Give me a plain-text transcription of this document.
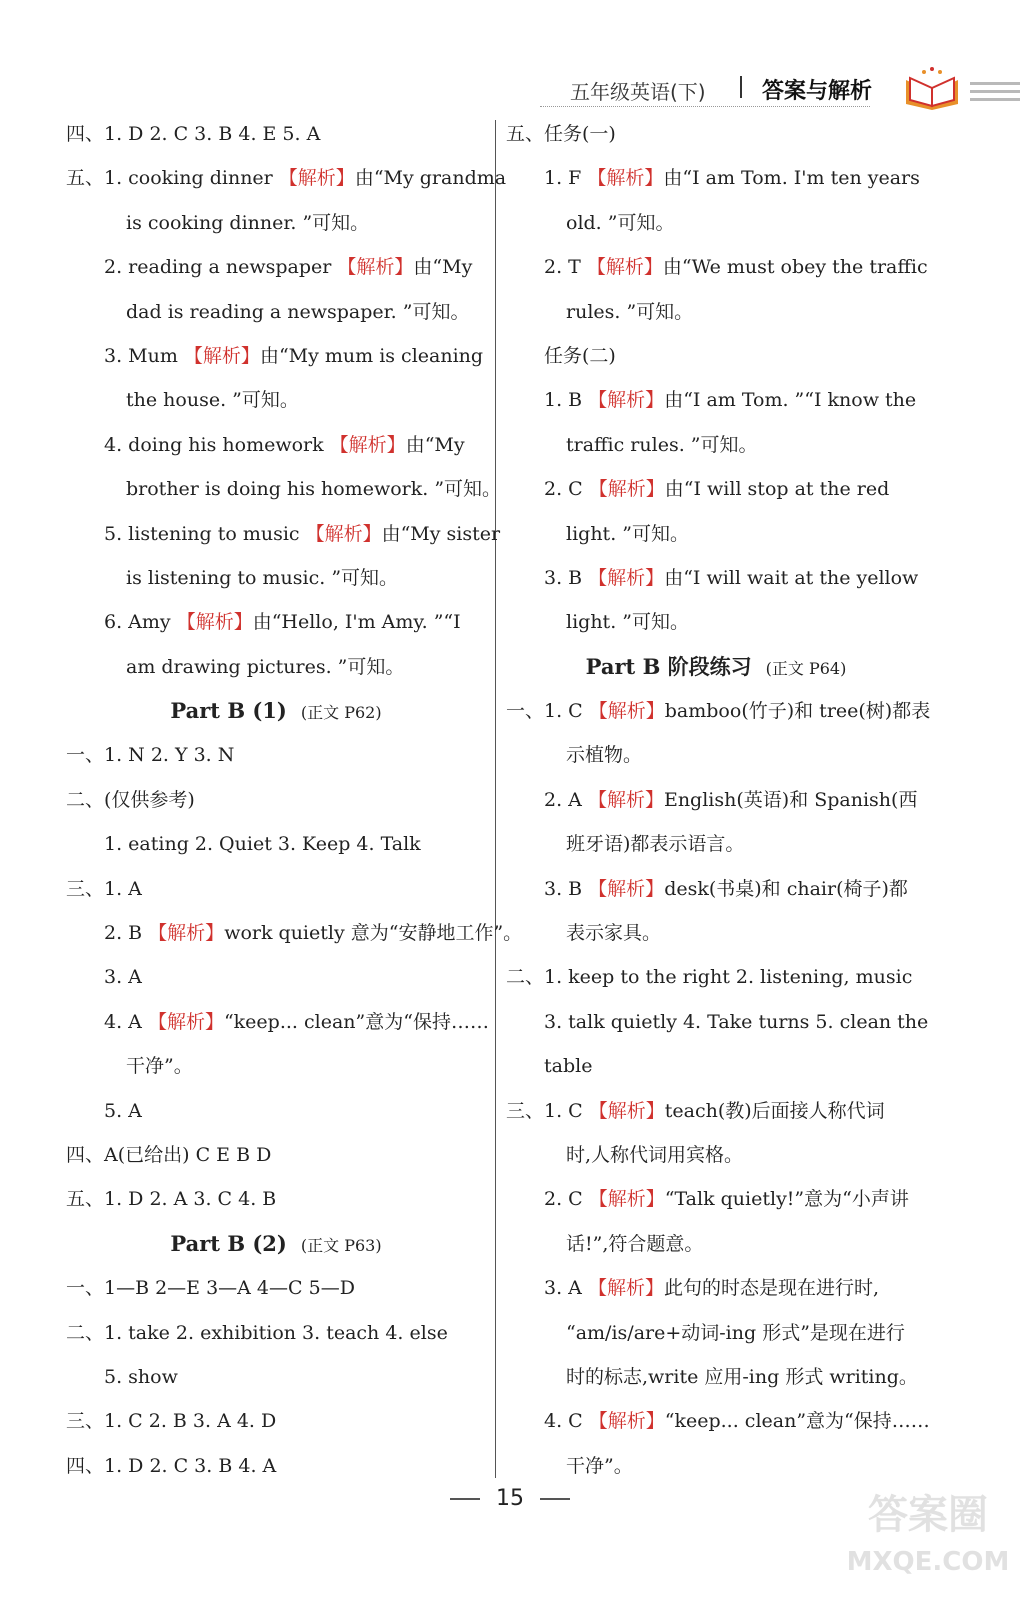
五年级英语(下)	答案与解析
四、1. D 2. C 3. B 4. E 5. A
五、1. cooking dinner 【解析】由“My grandma
is cooking dinner. ”可知。
2. reading a newspaper 【解析】由“My
dad is reading a newspaper. ”可知。
3. Mum 【解析】由“My mum is cleaning
the house. ”可知。
4. doing his homework 【解析】由“My
brother is doing his homework. ”可知。
5. listening to music 【解析】由“My sister
is listening to music. ”可知。
6. Amy 【解析】由“Hello, I'm Amy. ”“I
am drawing pictures. ”可知。
Part B (1) (正文 P62)
一、1. N 2. Y 3. N
二、(仅供参考)
1. eating 2. Quiet 3. Keep 4. Talk
三、1. A
2. B 【解析】work quietly 意为“安静地工作”。
3. A
4. A 【解析】“keep... clean”意为“保持……
干净”。
5. A
四、A(已给出) C E B D
五、1. D 2. A 3. C 4. B
Part B (2) (正文 P63)
一、1—B 2—E 3—A 4—C 5—D
二、1. take 2. exhibition 3. teach 4. else
5. show
三、1. C 2. B 3. A 4. D
四、1. D 2. C 3. B 4. A
五、任务(一)
1. F 【解析】由“I am Tom. I'm ten years
old. ”可知。
2. T 【解析】由“We must obey the traffic
rules. ”可知。
任务(二)
1. B 【解析】由“I am Tom. ”“I know the
traffic rules. ”可知。
2. C 【解析】由“I will stop at the red
light. ”可知。
3. B 【解析】由“I will wait at the yellow
light. ”可知。
Part B 阶段练习 (正文 P64)
一、1. C 【解析】bamboo(竹子)和 tree(树)都表
示植物。
2. A 【解析】English(英语)和 Spanish(西
班牙语)都表示语言。
3. B 【解析】desk(书桌)和 chair(椅子)都
表示家具。
二、1. keep to the right 2. listening, music
3. talk quietly 4. Take turns 5. clean the
table
三、1. C 【解析】teach(教)后面接人称代词
时,人称代词用宾格。
2. C 【解析】“Talk quietly!”意为“小声讲
话!”,符合题意。
3. A 【解析】此句的时态是现在进行时,
“am/is/are+动词-ing 形式”是现在进行
时的标志,write 应用-ing 形式 writing。
4. C 【解析】“keep... clean”意为“保持……
干净”。
15	答案圈
MXQE.COM
